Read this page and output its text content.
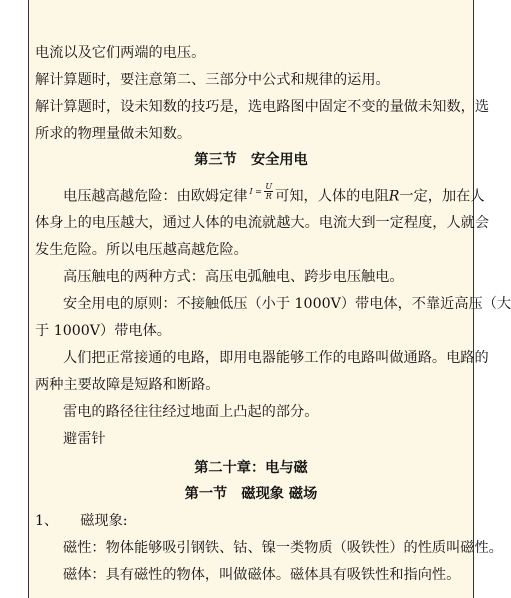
电流以及它们两端的电压。
解计算题时，要注意第二、三部分中公式和规律的运用。
解计算题时，设未知数的技巧是，选电路图中固定不变的量做未知数，选
所求的物理量做未知数。
第三节　安全用电
电压越高越危险：由欧姆定律 $I = \frac{U}{R}$ 可知，人体的电阻R一定，加在人
体身上的电压越大，通过人体的电流就越大。电流大到一定程度，人就会
发生危险。所以电压越高越危险。
高压触电的两种方式：高压电弧触电、跨步电压触电。
安全用电的原则：不接触低压（小于 1000V）带电体，不靠近高压（大
于 1000V）带电体。
人们把正常接通的电路，即用电器能够工作的电路叫做通路。电路的
两种主要故障是短路和断路。
雷电的路径往往经过地面上凸起的部分。
避雷针
第二十章：电与磁
第一节　磁现象 磁场
1、 磁现象:
磁性：物体能够吸引钢铁、钴、镍一类物质（吸铁性）的性质叫磁性。
磁体：具有磁性的物体，叫做磁体。磁体具有吸铁性和指向性。
